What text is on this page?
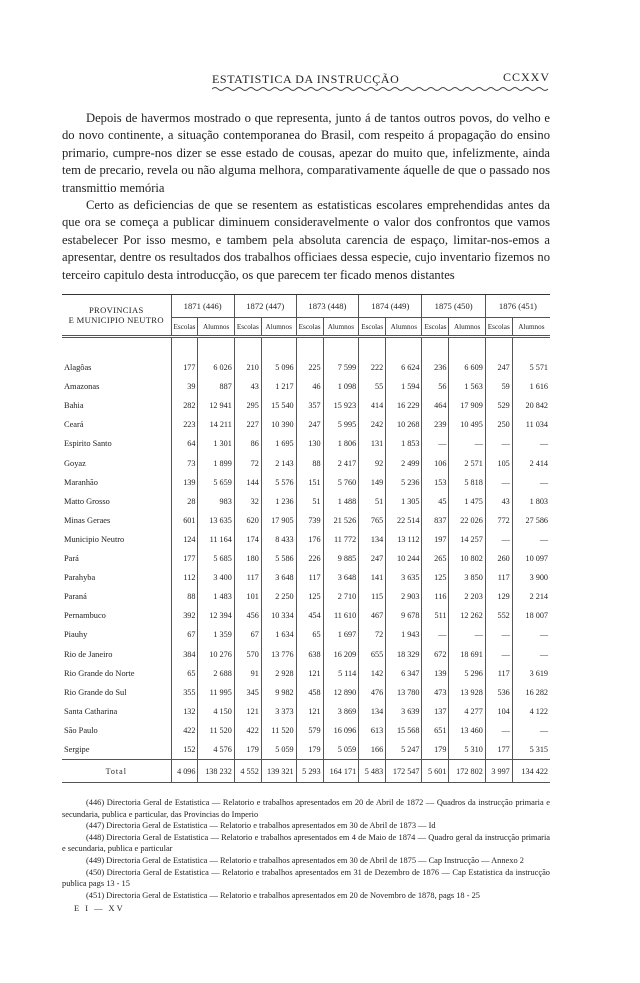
ESTATISTICA DA INSTRUCÇÃO	CCXXV

Depois de havermos mostrado o que representa, junto á de tantos outros povos, do velho e do novo continente, a situação contemporanea do Brasil, com respeito á propagação do ensino primario, cumpre-nos dizer se esse estado de cousas, apezar do muito que, infelizmente, ainda tem de precario, revela ou não alguma melhora, comparativamente áquelle de que o passado nos transmittio memória

Certo as deficiencias de que se resentem as estatisticas escolares emprehendidas antes da que ora se começa a publicar diminuem consideravelmente o valor dos confrontos que vamos estabelecer Por isso mesmo, e tambem pela absoluta carencia de espaço, limitar-nos-emos a apresentar, dentre os resultados dos trabalhos officiaes dessa especie, cujo inventario fizemos no terceiro capitulo desta introducção, os que parecem ter ficado menos distantes

PROVINCIAS
E MUNICIPIO NEUTRO	1871 (446)		1872 (447)		1873 (448)		1874 (449)		1875 (450)		1876 (451)	
	Escolas	Alumnos	Escolas	Alumnos	Escolas	Alumnos	Escolas	Alumnos	Escolas	Alumnos	Escolas	Alumnos

Alagôas	177	6 026	210	5 096	225	7 599	222	6 624	236	6 609	247	5 571
Amazonas	39	887	43	1 217	46	1 098	55	1 594	56	1 563	59	1 616
Bahia	282	12 941	295	15 540	357	15 923	414	16 229	464	17 909	529	20 842
Ceará	223	14 211	227	10 390	247	5 995	242	10 268	239	10 495	250	11 034
Espirito Santo	64	1 301	86	1 695	130	1 806	131	1 853	—	—	—	—
Goyaz	73	1 899	72	2 143	88	2 417	92	2 499	106	2 571	105	2 414
Maranhão	139	5 659	144	5 576	151	5 760	149	5 236	153	5 818	—	—
Matto Grosso	28	983	32	1 236	51	1 488	51	1 305	45	1 475	43	1 803
Minas Geraes	601	13 635	620	17 905	739	21 526	765	22 514	837	22 026	772	27 586
Municipio Neutro	124	11 164	174	8 433	176	11 772	134	13 112	197	14 257	—	—
Pará	177	5 685	180	5 586	226	9 885	247	10 244	265	10 802	260	10 097
Parahyba	112	3 400	117	3 648	117	3 648	141	3 635	125	3 850	117	3 900
Paraná	88	1 483	101	2 250	125	2 710	115	2 903	116	2 203	129	2 214
Pernambuco	392	12 394	456	10 334	454	11 610	467	9 678	511	12 262	552	18 007
Piauhy	67	1 359	67	1 634	65	1 697	72	1 943	—	—	—	—
Rio de Janeiro	384	10 276	570	13 776	638	16 209	655	18 329	672	18 691	—	—
Rio Grande do Norte	65	2 688	91	2 928	121	5 114	142	6 347	139	5 296	117	3 619
Rio Grande do Sul	355	11 995	345	9 982	458	12 890	476	13 780	473	13 928	536	16 282
Santa Catharina	132	4 150	121	3 373	121	3 869	134	3 639	137	4 277	104	4 122
São Paulo	422	11 520	422	11 520	579	16 096	613	15 568	651	13 460	—	—
Sergipe	152	4 576	179	5 059	179	5 059	166	5 247	179	5 310	177	5 315
Total	4 096	138 232	4 552	139 321	5 293	164 171	5 483	172 547	5 601	172 802	3 997	134 422

(446) Directoria Geral de Estatistica — Relatorio e trabalhos apresentados em 20 de Abril de 1872 — Quadros da instrucção primaria e secundaria, publica e particular, das Provincias do Imperio

(447) Directoria Geral de Estatistica — Relatorio e trabalhos apresentados em 30 de Abril de 1873 — Id

(448) Directoria Geral de Estatistica — Relatorio e trabalhos apresentados em 4 de Maio de 1874 — Quadro geral da instrucção primaria e secundaria, publica e particular

(449) Directoria Geral de Estatistica — Relatorio e trabalhos apresentados em 30 de Abril de 1875 — Cap Instrucção — Annexo 2

(450) Directoria Geral de Estatistica — Relatorio e trabalhos apresentados em 31 de Dezembro de 1876 — Cap Estatistica da instrucção publica pags 13 - 15

(451) Directoria Geral de Estatistica — Relatorio e trabalhos apresentados em 20 de Novembro de 1878, pags 18 - 25

E I — XV
